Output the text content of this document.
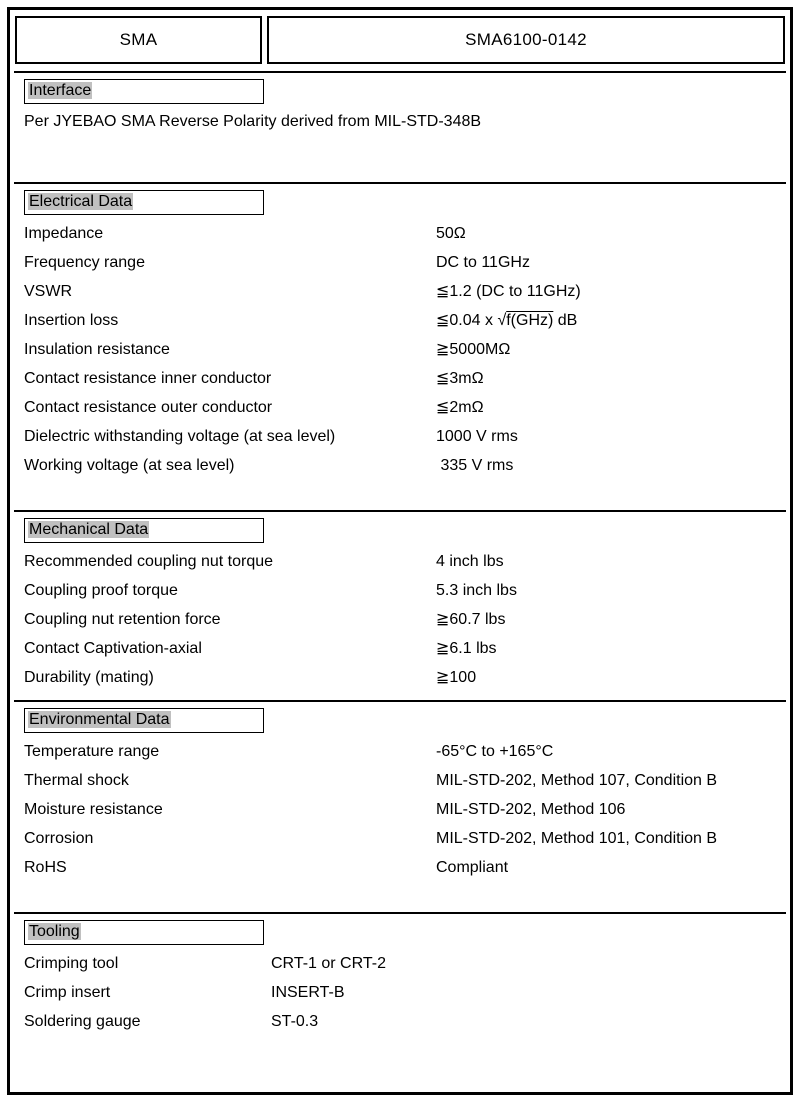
SMA	SMA6100-0142
Interface
Per JYEBAO SMA Reverse Polarity derived from MIL-STD-348B
Electrical Data
Impedance	50Ω
Frequency range	DC to 11GHz
VSWR	≦1.2 (DC to 11GHz)
Insertion loss	≦0.04 x √f(GHz) dB
Insulation resistance	≧5000MΩ
Contact resistance inner conductor	≦3mΩ
Contact resistance outer conductor	≦2mΩ
Dielectric withstanding voltage (at sea level)	1000 V rms
Working voltage (at sea level)	335 V rms
Mechanical Data
Recommended coupling nut torque	4 inch lbs
Coupling proof torque	5.3 inch lbs
Coupling nut retention force	≧60.7 lbs
Contact Captivation-axial	≧6.1 lbs
Durability (mating)	≧100
Environmental Data
Temperature range	-65°C to +165°C
Thermal shock	MIL-STD-202, Method 107, Condition B
Moisture resistance	MIL-STD-202, Method 106
Corrosion	MIL-STD-202, Method 101, Condition B
RoHS	Compliant
Tooling
Crimping tool	CRT-1 or CRT-2
Crimp insert	INSERT-B
Soldering gauge	ST-0.3
